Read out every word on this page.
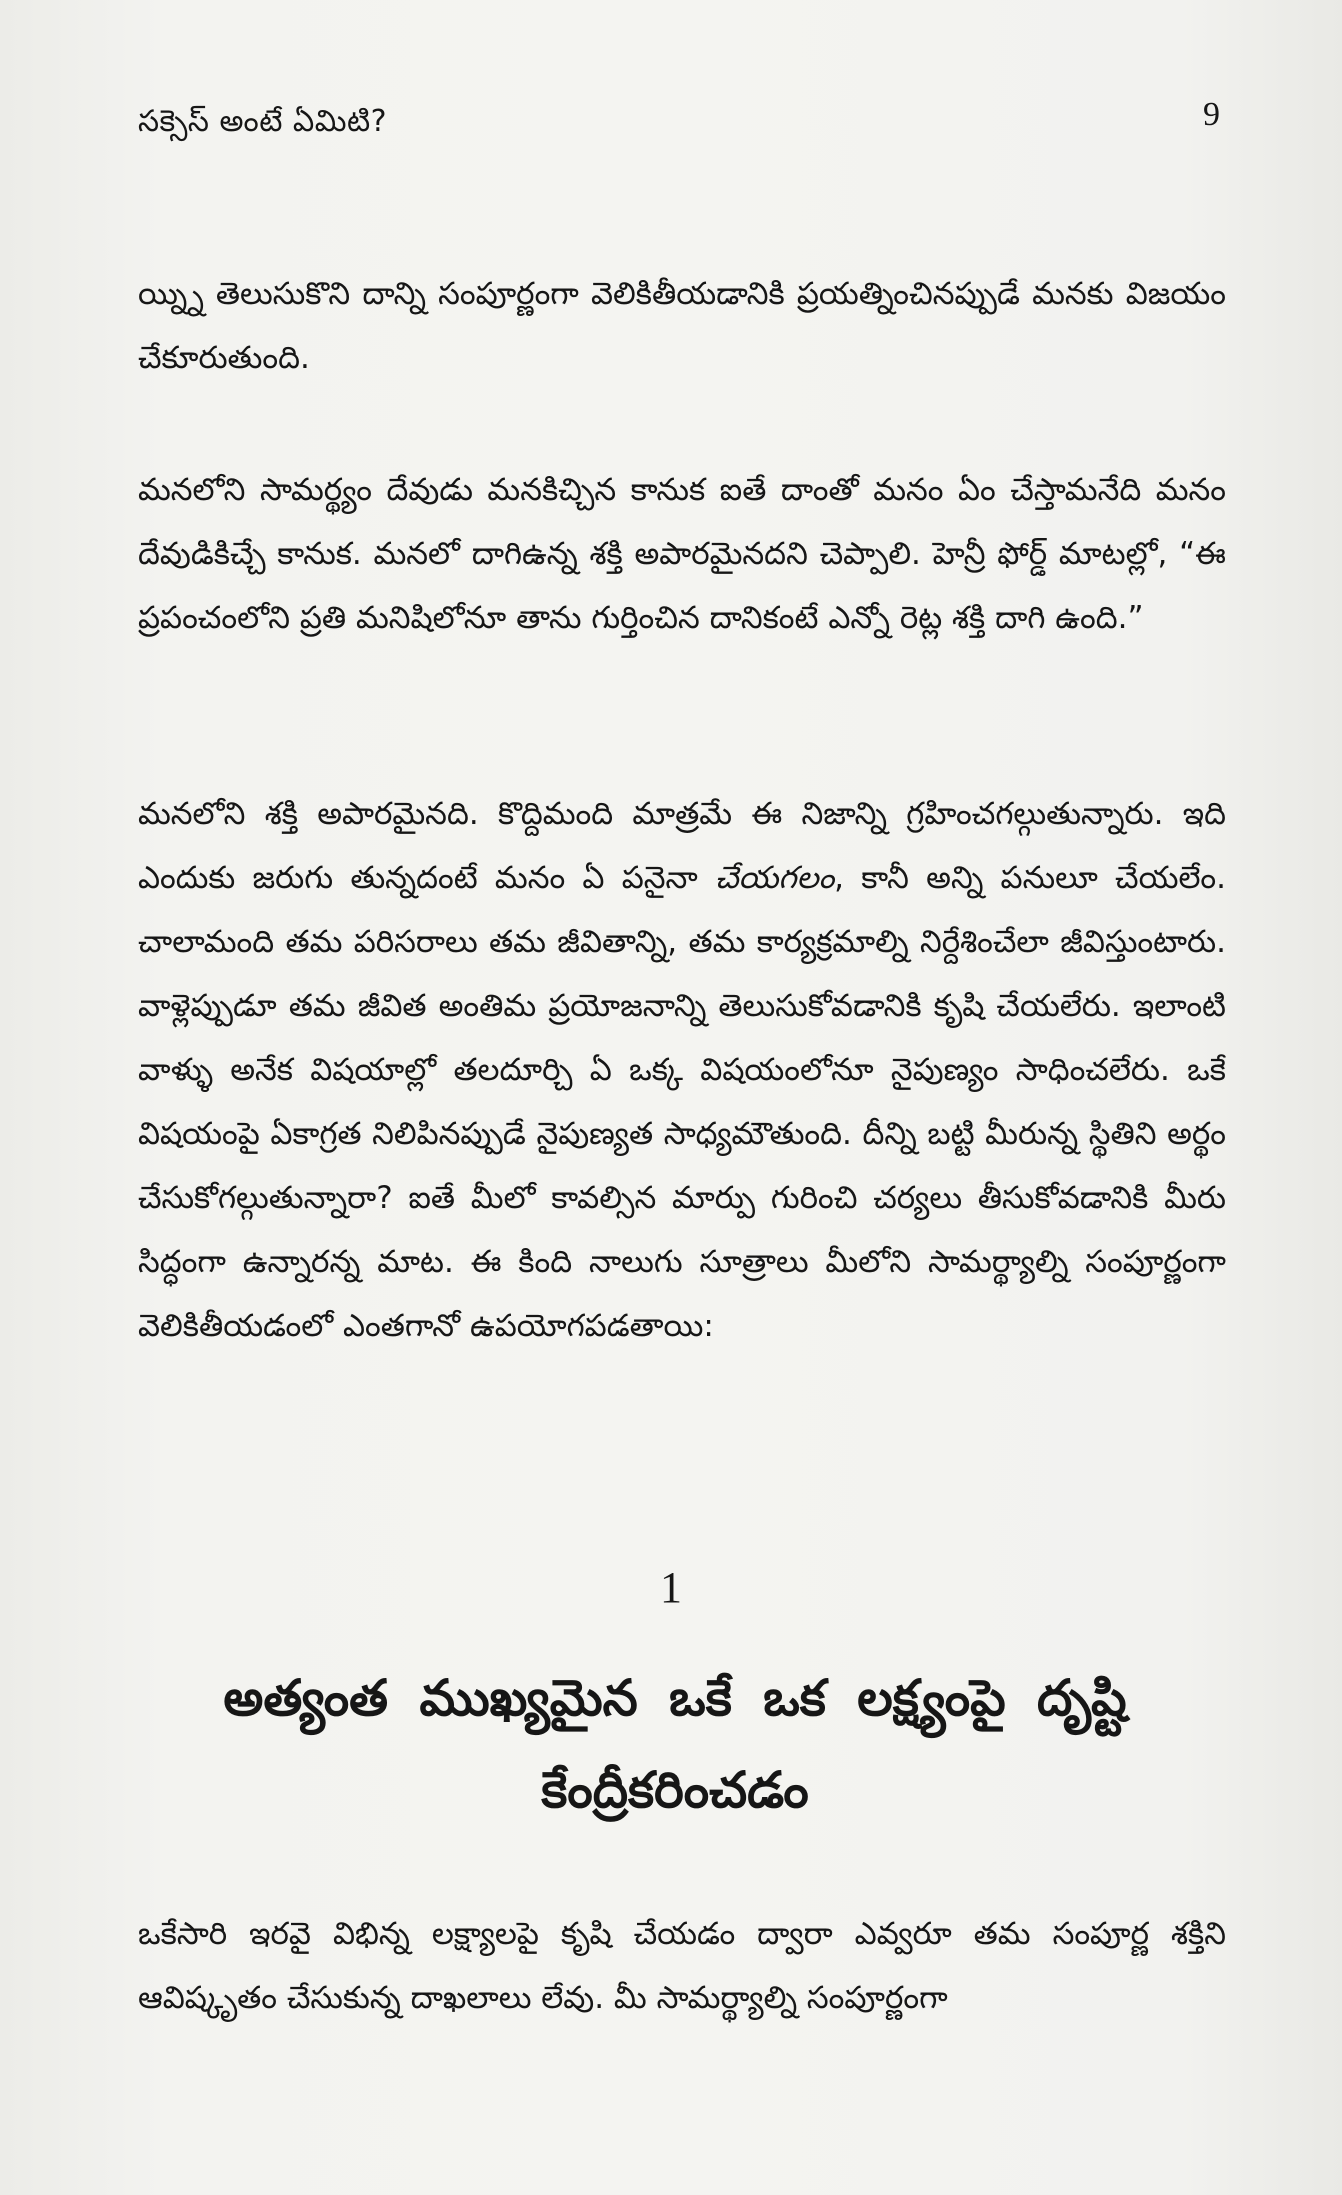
సక్సెస్ అంటే ఏమిటి?	9

య్న్ని తెలుసుకొని దాన్ని సంపూర్ణంగా వెలికితీయడానికి ప్రయత్నించినప్పుడే మనకు విజయం చేకూరుతుంది.

మనలోని సామర్థ్యం దేవుడు మనకిచ్చిన కానుక ఐతే దాంతో మనం ఏం చేస్తామనేది మనం దేవుడికిచ్చే కానుక. మనలో దాగిఉన్న శక్తి అపారమైనదని చెప్పాలి. హెన్రీ ఫోర్డ్ మాటల్లో, “ఈ ప్రపంచంలోని ప్రతి మనిషిలోనూ తాను గుర్తించిన దానికంటే ఎన్నో రెట్ల శక్తి దాగి ఉంది.”

మనలోని శక్తి అపారమైనది. కొద్దిమంది మాత్రమే ఈ నిజాన్ని గ్రహించగల్గుతున్నారు. ఇది ఎందుకు జరుగు తున్నదంటే మనం ఏ పనైనా చేయగలం, కానీ అన్ని పనులూ చేయలేం. చాలామంది తమ పరిసరాలు తమ జీవితాన్ని, తమ కార్యక్రమాల్ని నిర్దేశించేలా జీవిస్తుంటారు. వాళ్లెప్పుడూ తమ జీవిత అంతిమ ప్రయోజనాన్ని తెలుసుకోవడానికి కృషి చేయలేరు. ఇలాంటి వాళ్ళు అనేక విషయాల్లో తలదూర్చి ఏ ఒక్క విషయంలోనూ నైపుణ్యం సాధించలేరు. ఒకే విషయంపై ఏకాగ్రత నిలిపినప్పుడే నైపుణ్యత సాధ్యమౌతుంది. దీన్ని బట్టి మీరున్న స్థితిని అర్థం చేసుకోగల్గుతున్నారా? ఐతే మీలో కావల్సిన మార్పు గురించి చర్యలు తీసుకోవడానికి మీరు సిద్ధంగా ఉన్నారన్న మాట. ఈ కింది నాలుగు సూత్రాలు మీలోని సామర్థ్యాల్ని సంపూర్ణంగా వెలికితీయడంలో ఎంతగానో ఉపయోగపడతాయి:

1
అత్యంత ముఖ్యమైన ఒకే ఒక లక్ష్యంపై దృష్టి
కేంద్రీకరించడం

ఒకేసారి ఇరవై విభిన్న లక్ష్యాలపై కృషి చేయడం ద్వారా ఎవ్వరూ తమ సంపూర్ణ శక్తిని ఆవిష్కృతం చేసుకున్న దాఖలాలు లేవు. మీ సామర్థ్యాల్ని సంపూర్ణంగా
